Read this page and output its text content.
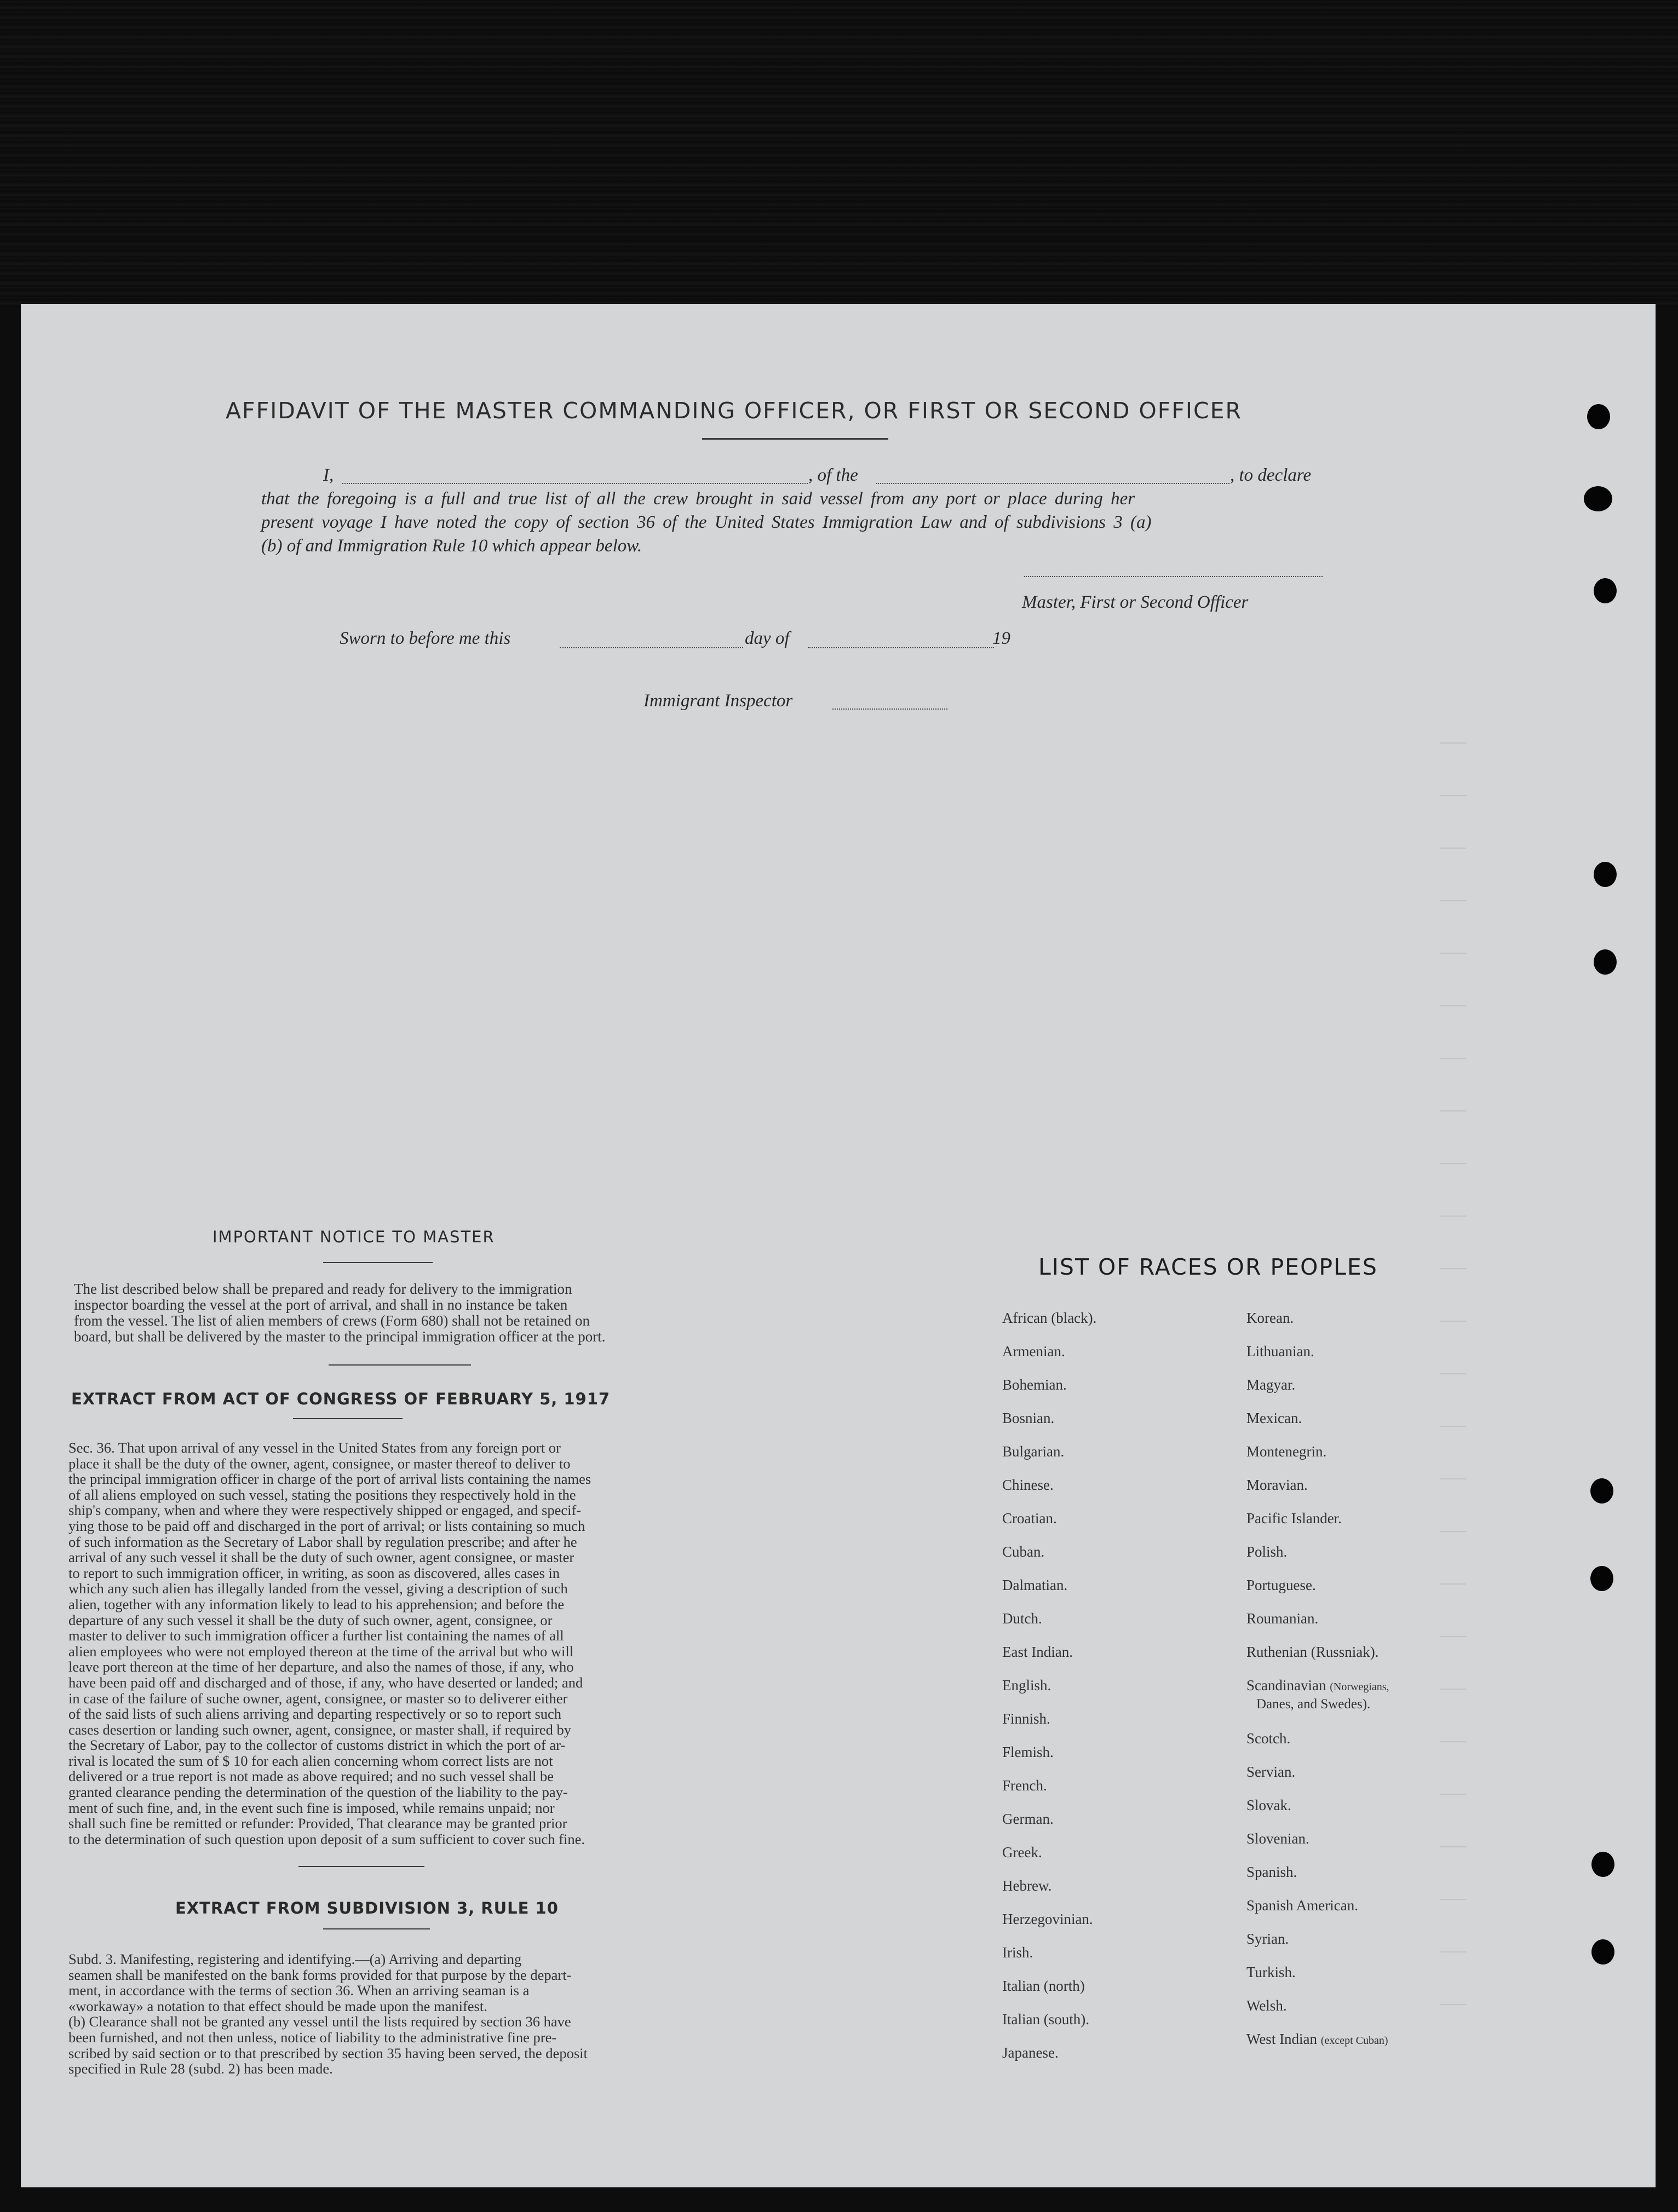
───
───
───
───
───
───
───
───
───
───
───
───
───
───
───
───
───
───
───
───
───
───
───
───
───
AFFIDAVIT OF THE MASTER COMMANDING OFFICER, OR FIRST OR SECOND OFFICER
I,	, of the	, to declare
that the foregoing is a full and true list of all the crew brought in said vessel from any port or place during her
present voyage I have noted the copy of section 36 of the United States Immigration Law and of subdivisions 3 (a)
(b) of and Immigration Rule 10 which appear below.
Master, First or Second Officer
Sworn to before me this	day of	19
Immigrant Inspector
IMPORTANT NOTICE TO MASTER
The list described below shall be prepared and ready for delivery to the immigration
inspector boarding the vessel at the port of arrival, and shall in no instance be taken
from the vessel. The list of alien members of crews (Form 680) shall not be retained on
board, but shall be delivered by the master to the principal immigration officer at the port.
EXTRACT FROM ACT OF CONGRESS OF FEBRUARY 5, 1917
Sec. 36. That upon arrival of any vessel in the United States from any foreign port or
place it shall be the duty of the owner, agent, consignee, or master thereof to deliver to
the principal immigration officer in charge of the port of arrival lists containing the names
of all aliens employed on such vessel, stating the positions they respectively hold in the
ship's company, when and where they were respectively shipped or engaged, and specif-
ying those to be paid off and discharged in the port of arrival; or lists containing so much
of such information as the Secretary of Labor shall by regulation prescribe; and after he
arrival of any such vessel it shall be the duty of such owner, agent consignee, or master
to report to such immigration officer, in writing, as soon as discovered, alles cases in
which any such alien has illegally landed from the vessel, giving a description of such
alien, together with any information likely to lead to his apprehension; and before the
departure of any such vessel it shall be the duty of such owner, agent, consignee, or
master to deliver to such immigration officer a further list containing the names of all
alien employees who were not employed thereon at the time of the arrival but who will
leave port thereon at the time of her departure, and also the names of those, if any, who
have been paid off and discharged and of those, if any, who have deserted or landed; and
in case of the failure of suche owner, agent, consignee, or master so to deliverer either
of the said lists of such aliens arriving and departing respectively or so to report such
cases desertion or landing such owner, agent, consignee, or master shall, if required by
the Secretary of Labor, pay to the collector of customs district in which the port of ar-
rival is located the sum of $ 10 for each alien concerning whom correct lists are not
delivered or a true report is not made as above required; and no such vessel shall be
granted clearance pending the determination of the question of the liability to the pay-
ment of such fine, and, in the event such fine is imposed, while remains unpaid; nor
shall such fine be remitted or refunder: Provided, That clearance may be granted prior
to the determination of such question upon deposit of a sum sufficient to cover such fine.
EXTRACT FROM SUBDIVISION 3, RULE 10
Subd. 3. Manifesting, registering and identifying.—(a) Arriving and departing
seamen shall be manifested on the bank forms provided for that purpose by the depart-
ment, in accordance with the terms of section 36. When an arriving seaman is a
«workaway» a notation to that effect should be made upon the manifest.
(b) Clearance shall not be granted any vessel until the lists required by section 36 have
been furnished, and not then unless, notice of liability to the administrative fine pre-
scribed by said section or to that prescribed by section 35 having been served, the deposit
specified in Rule 28 (subd. 2) has been made.
LIST OF RACES OR PEOPLES
African (black).
Armenian.
Bohemian.
Bosnian.
Bulgarian.
Chinese.
Croatian.
Cuban.
Dalmatian.
Dutch.
East Indian.
English.
Finnish.
Flemish.
French.
German.
Greek.
Hebrew.
Herzegovinian.
Irish.
Italian (north)
Italian (south).
Japanese.
Korean.
Lithuanian.
Magyar.
Mexican.
Montenegrin.
Moravian.
Pacific Islander.
Polish.
Portuguese.
Roumanian.
Ruthenian (Russniak).
Scandinavian (Norwegians,
Danes, and Swedes).
Scotch.
Servian.
Slovak.
Slovenian.
Spanish.
Spanish American.
Syrian.
Turkish.
Welsh.
West Indian (except Cuban)
